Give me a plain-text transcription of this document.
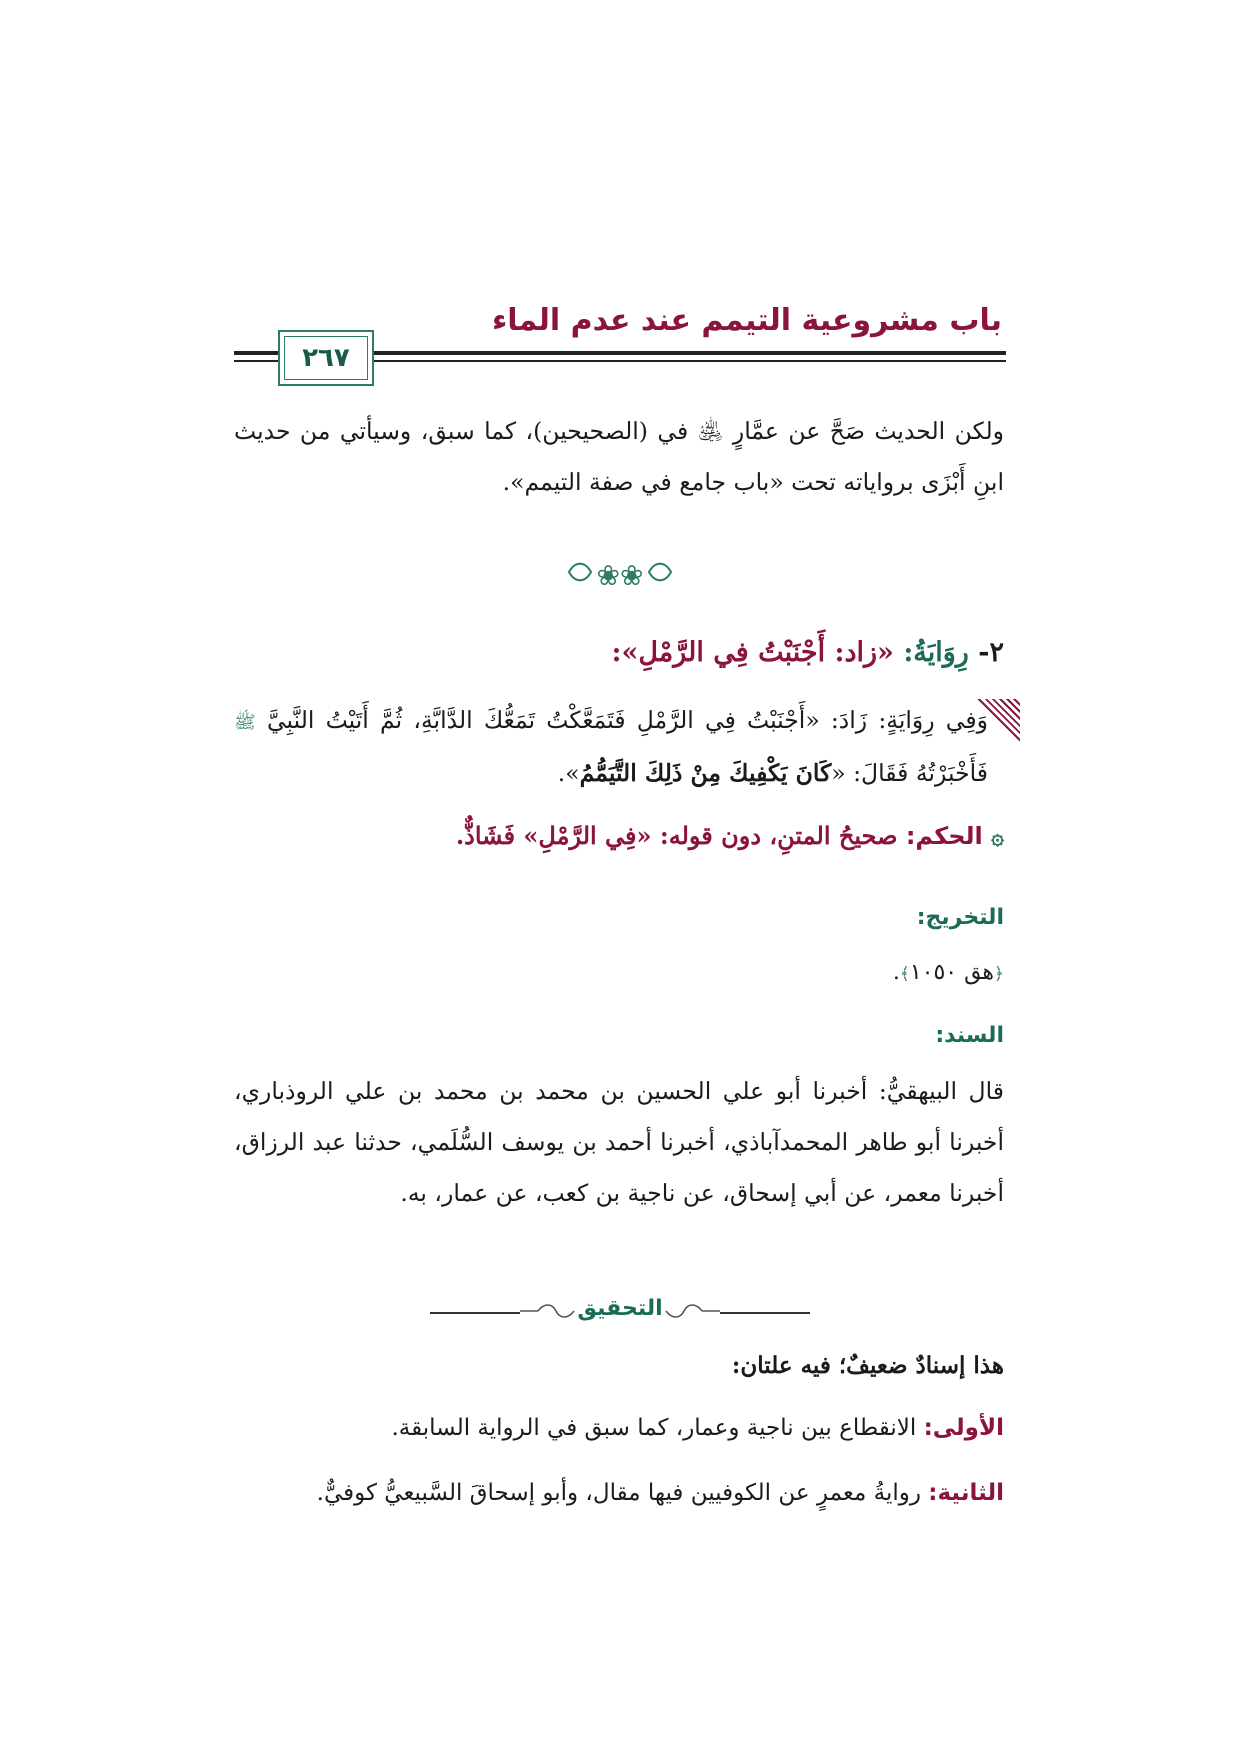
باب مشروعية التيمم عند عدم الماء
٢٦٧
ولكن الحديث صَحَّ عن عمَّارٍ ﵁ في (الصحيحين)، كما سبق، وسيأتي من حديث ابنِ أَبْزَى برواياته تحت «باب جامع في صفة التيمم».
❀❀
٢- رِوَايَةُ: «زاد: أَجْنَبْتُ فِي الرَّمْلِ»:
وَفِي رِوَايَةٍ: زَادَ: «أَجْنَبْتُ فِي الرَّمْلِ فَتَمَعَّكْتُ تَمَعُّكَ الدَّابَّةِ، ثُمَّ أَتَيْتُ النَّبِيَّ ﷺ فَأَخْبَرْتُهُ فَقَالَ: «كَانَ يَكْفِيكَ مِنْ ذَلِكَ التَّيَمُّمُ».
۞ الحكم: صحيحُ المتنِ، دون قوله: «فِي الرَّمْلِ» فَشَاذٌّ.
التخريج:
﴿هق ١٠٥٠﴾.
السند:
قال البيهقيُّ: أخبرنا أبو علي الحسين بن محمد بن محمد بن علي الروذباري، أخبرنا أبو طاهر المحمدآباذي، أخبرنا أحمد بن يوسف السُّلَمي، حدثنا عبد الرزاق، أخبرنا معمر، عن أبي إسحاق، عن ناجية بن كعب، عن عمار، به.
التحقيق
هذا إسنادٌ ضعيفٌ؛ فيه علتان:
الأولى: الانقطاع بين ناجية وعمار، كما سبق في الرواية السابقة.
الثانية: روايةُ معمرٍ عن الكوفيين فيها مقال، وأبو إسحاقَ السَّبيعيُّ كوفيٌّ.
